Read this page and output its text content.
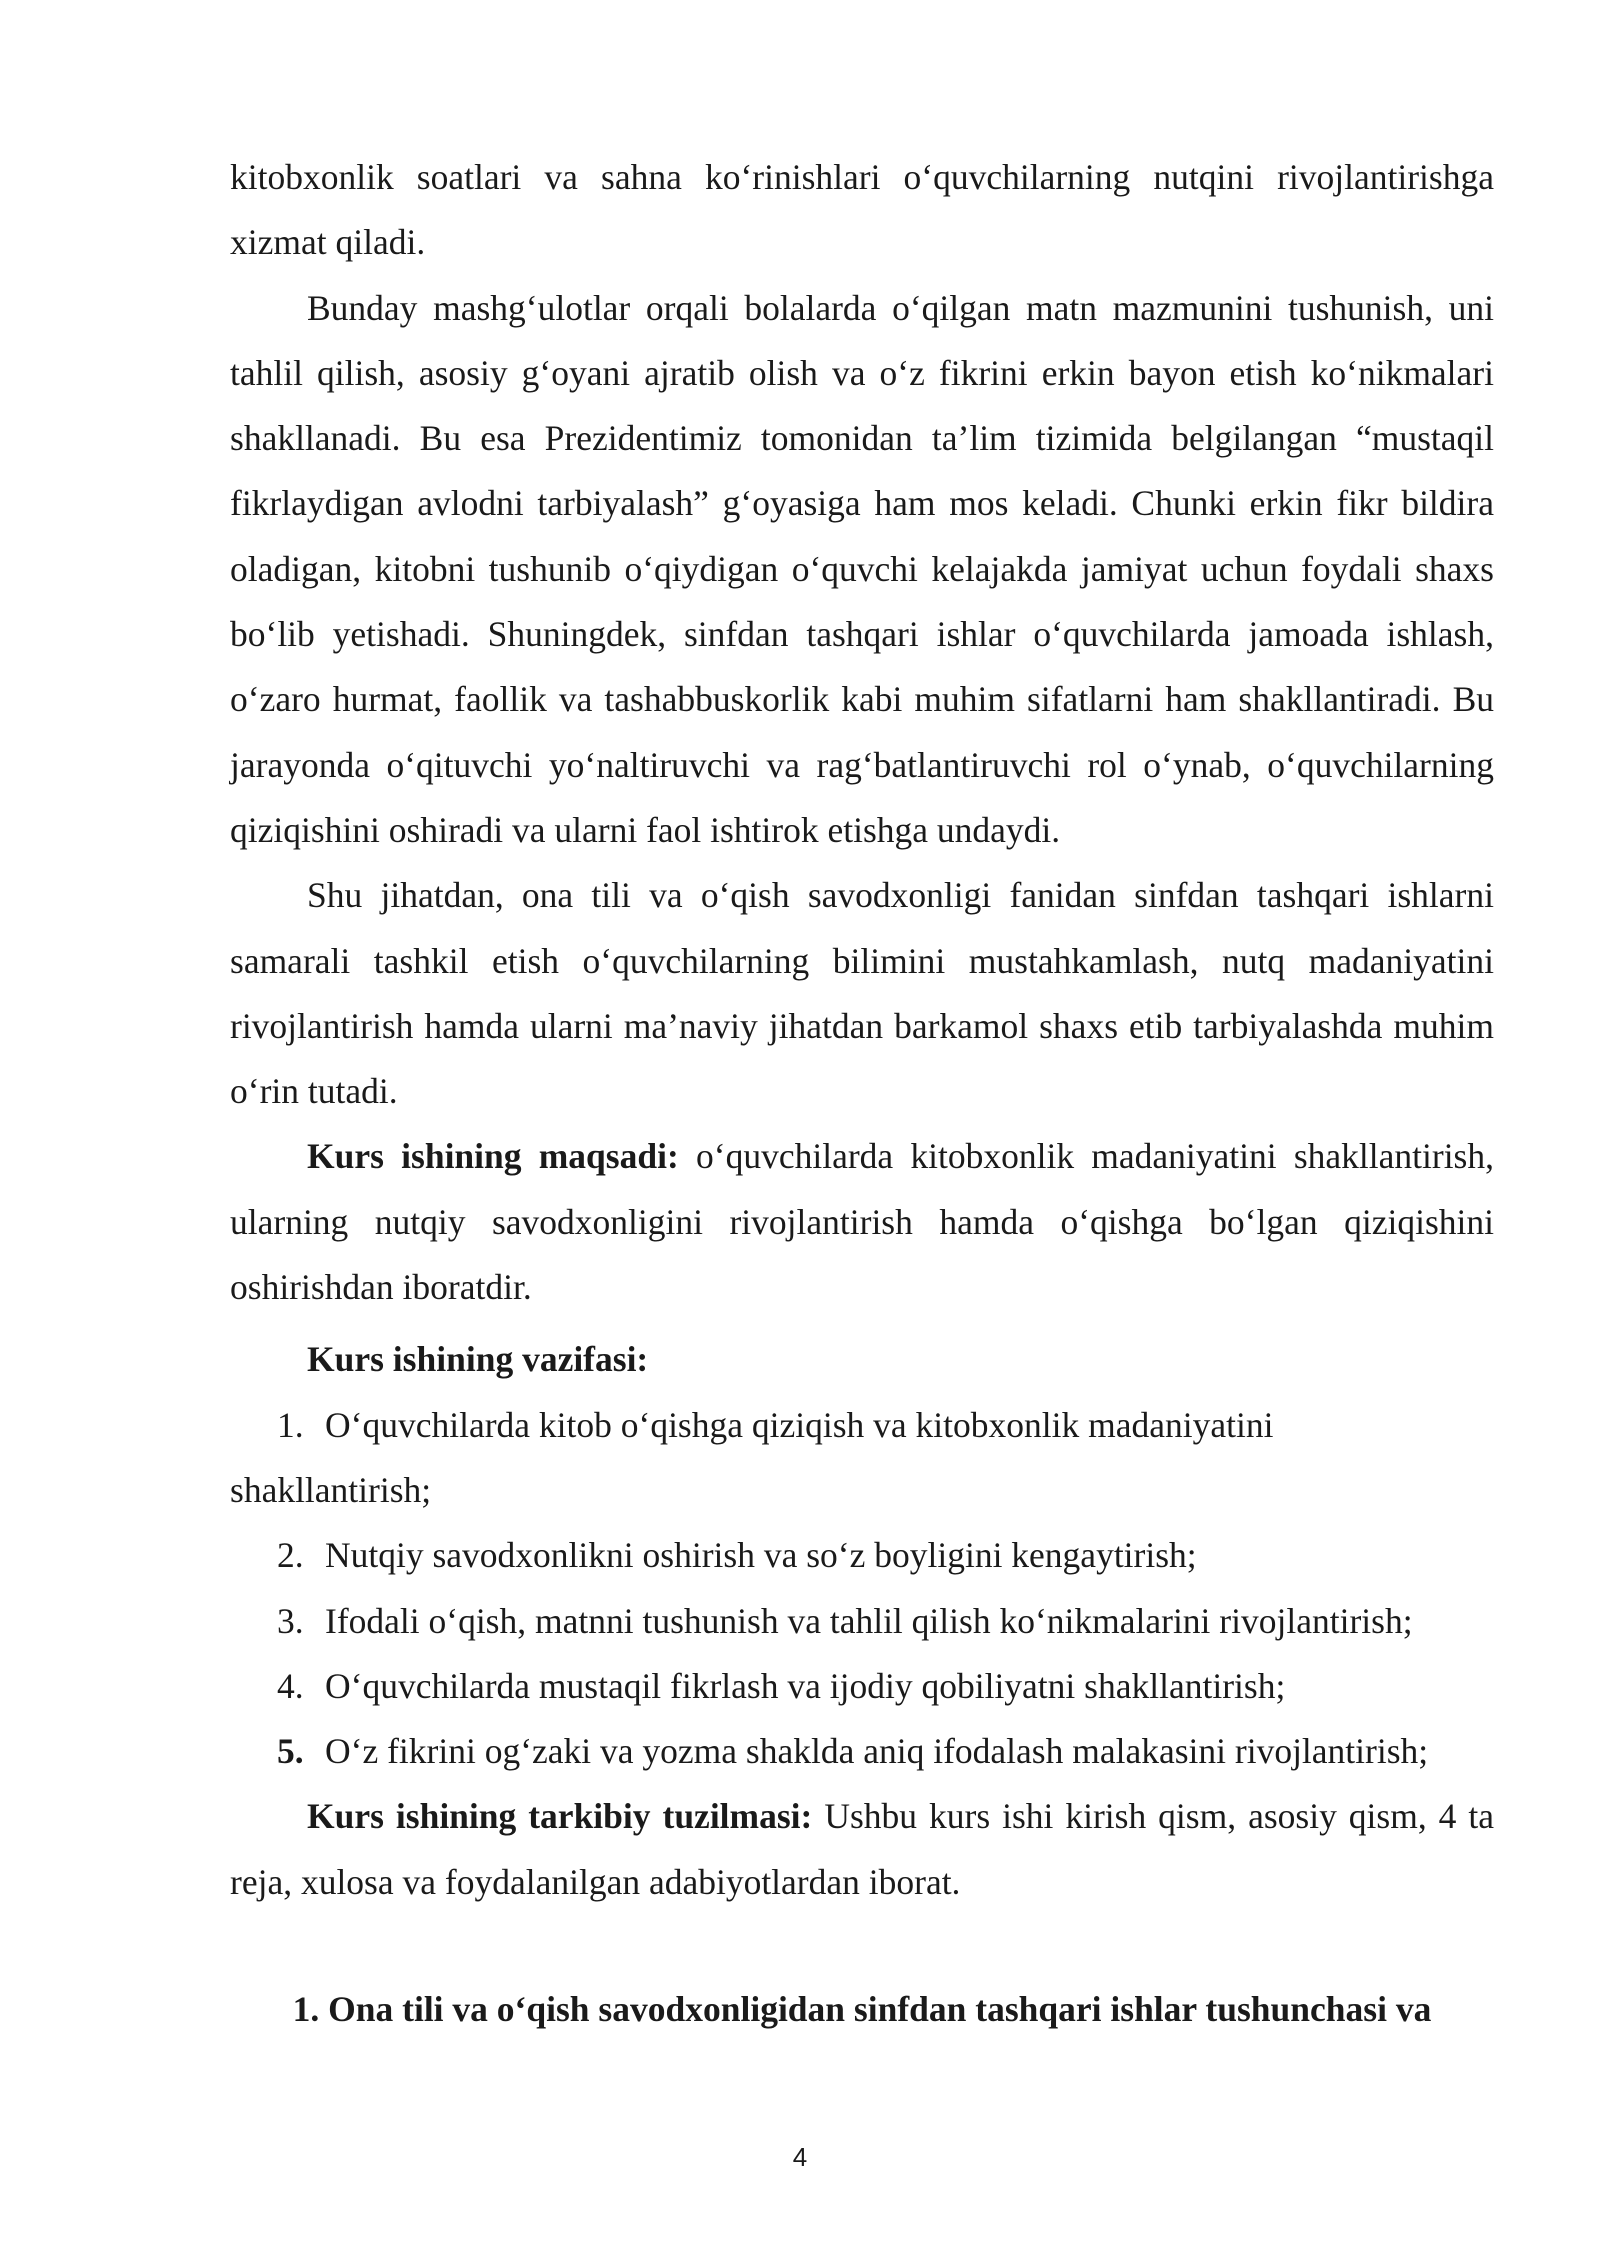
kitobxonlik soatlari va sahna ko‘rinishlari o‘quvchilarning nutqini rivojlantirishga xizmat qiladi.

Bunday mashg‘ulotlar orqali bolalarda o‘qilgan matn mazmunini tushunish, uni tahlil qilish, asosiy g‘oyani ajratib olish va o‘z fikrini erkin bayon etish ko‘nikmalari shakllanadi. Bu esa Prezidentimiz tomonidan ta’lim tizimida belgilangan “mustaqil fikrlaydigan avlodni tarbiyalash” g‘oyasiga ham mos keladi. Chunki erkin fikr bildira oladigan, kitobni tushunib o‘qiydigan o‘quvchi kelajakda jamiyat uchun foydali shaxs bo‘lib yetishadi. Shuningdek, sinfdan tashqari ishlar o‘quvchilarda jamoada ishlash, o‘zaro hurmat, faollik va tashabbuskorlik kabi muhim sifatlarni ham shakllantiradi. Bu jarayonda o‘qituvchi yo‘naltiruvchi va rag‘batlantiruvchi rol o‘ynab, o‘quvchilarning qiziqishini oshiradi va ularni faol ishtirok etishga undaydi.

Shu jihatdan, ona tili va o‘qish savodxonligi fanidan sinfdan tashqari ishlarni samarali tashkil etish o‘quvchilarning bilimini mustahkamlash, nutq madaniyatini rivojlantirish hamda ularni ma’naviy jihatdan barkamol shaxs etib tarbiyalashda muhim o‘rin tutadi.

Kurs ishining maqsadi: o‘quvchilarda kitobxonlik madaniyatini shakllantirish, ularning nutqiy savodxonligini rivojlantirish hamda o‘qishga bo‘lgan qiziqishini oshirishdan iboratdir.

Kurs ishining vazifasi:

1. O‘quvchilarda kitob o‘qishga qiziqish va kitobxonlik madaniyatini
shakllantirish;
2. Nutqiy savodxonlikni oshirish va so‘z boyligini kengaytirish;
3. Ifodali o‘qish, matnni tushunish va tahlil qilish ko‘nikmalarini rivojlantirish;
4. O‘quvchilarda mustaqil fikrlash va ijodiy qobiliyatni shakllantirish;
5. O‘z fikrini og‘zaki va yozma shaklda aniq ifodalash malakasini rivojlantirish;

Kurs ishining tarkibiy tuzilmasi: Ushbu kurs ishi kirish qism, asosiy qism, 4 ta reja, xulosa va foydalanilgan adabiyotlardan iborat.

1. Ona tili va o‘qish savodxonligidan sinfdan tashqari ishlar tushunchasi va

4
